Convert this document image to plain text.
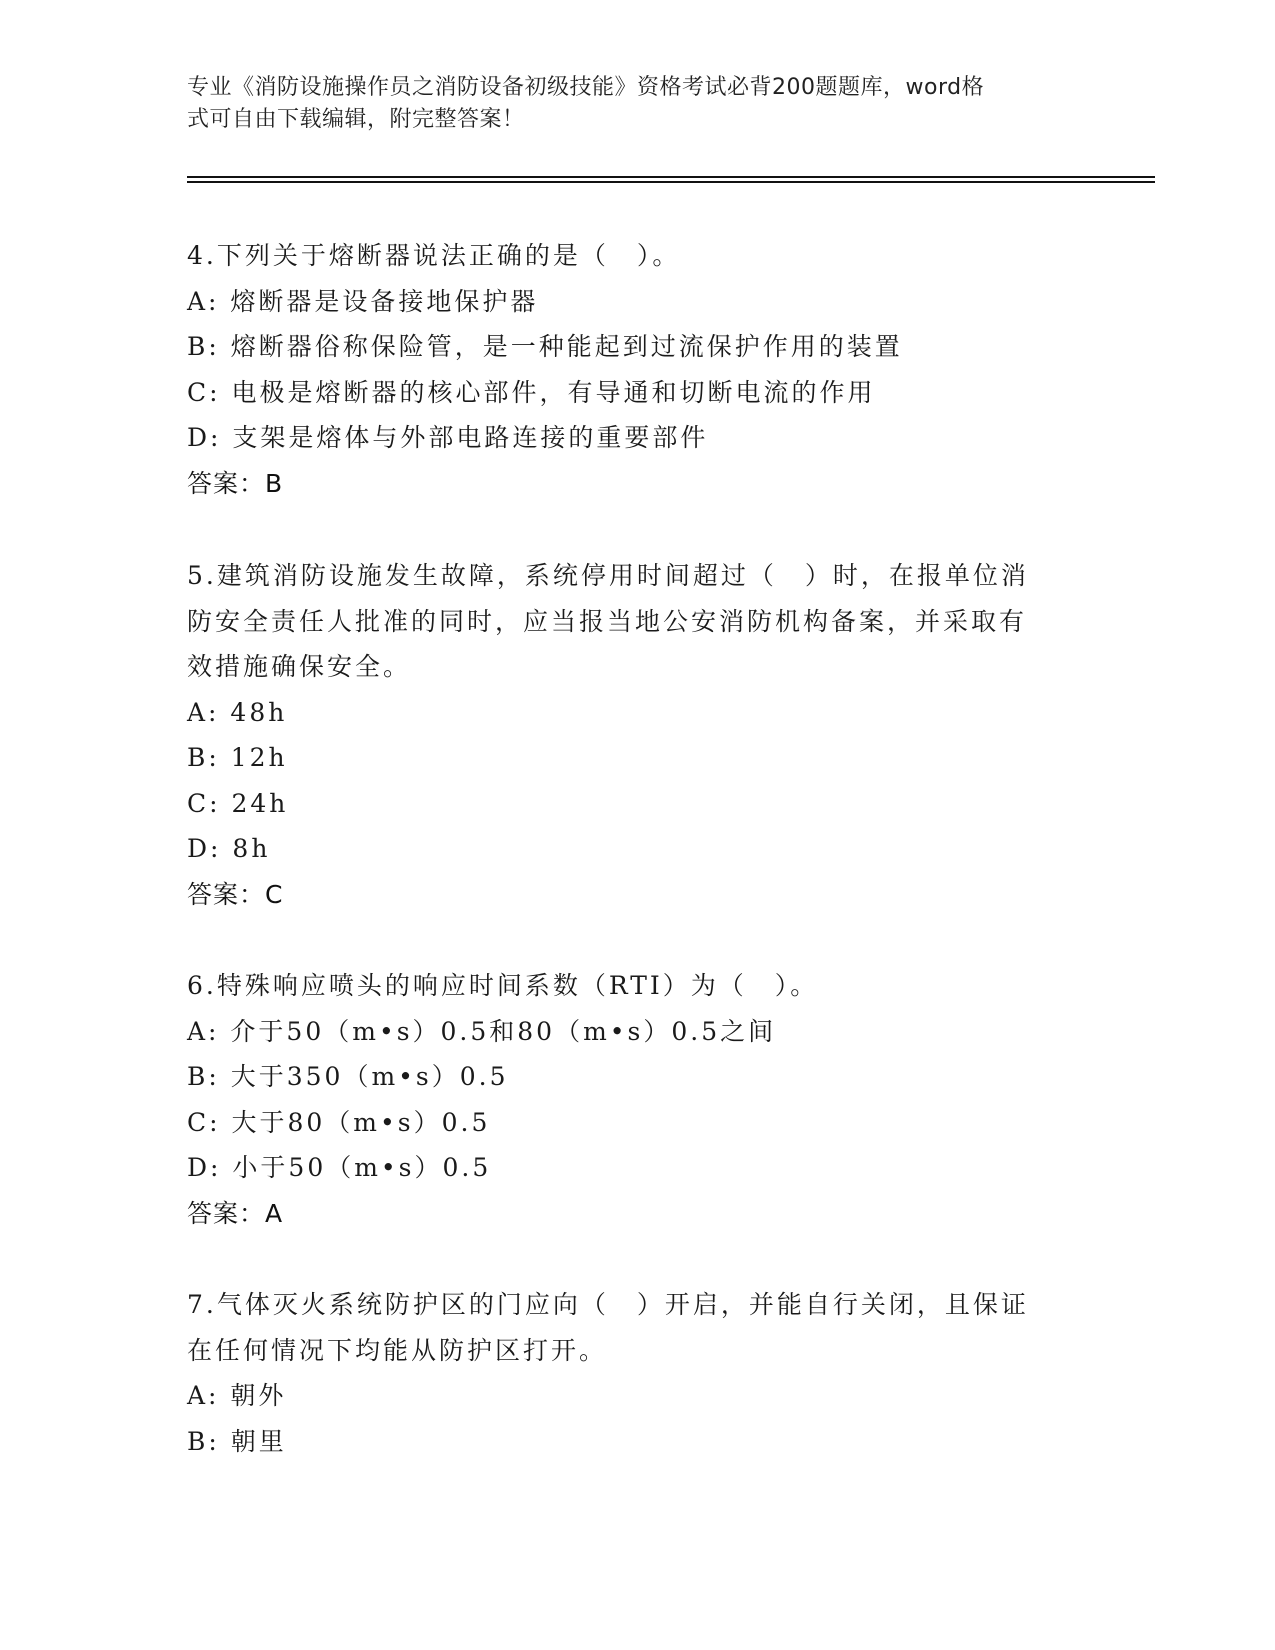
专业《消防设施操作员之消防设备初级技能》资格考试必背200题题库，word格
式可自由下载编辑，附完整答案！
4.下列关于熔断器说法正确的是（　）。
A: 熔断器是设备接地保护器
B: 熔断器俗称保险管，是一种能起到过流保护作用的装置
C: 电极是熔断器的核心部件，有导通和切断电流的作用
D: 支架是熔体与外部电路连接的重要部件
答案：B
5.建筑消防设施发生故障，系统停用时间超过（　）时，在报单位消
防安全责任人批准的同时，应当报当地公安消防机构备案，并采取有
效措施确保安全。
A: 48h
B: 12h
C: 24h
D: 8h
答案：C
6.特殊响应喷头的响应时间系数（RTI）为（　）。
A: 介于50（m•s）0.5和80（m•s）0.5之间
B: 大于350（m•s）0.5
C: 大于80（m•s）0.5
D: 小于50（m•s）0.5
答案：A
7.气体灭火系统防护区的门应向（　）开启，并能自行关闭，且保证
在任何情况下均能从防护区打开。
A: 朝外
B: 朝里
